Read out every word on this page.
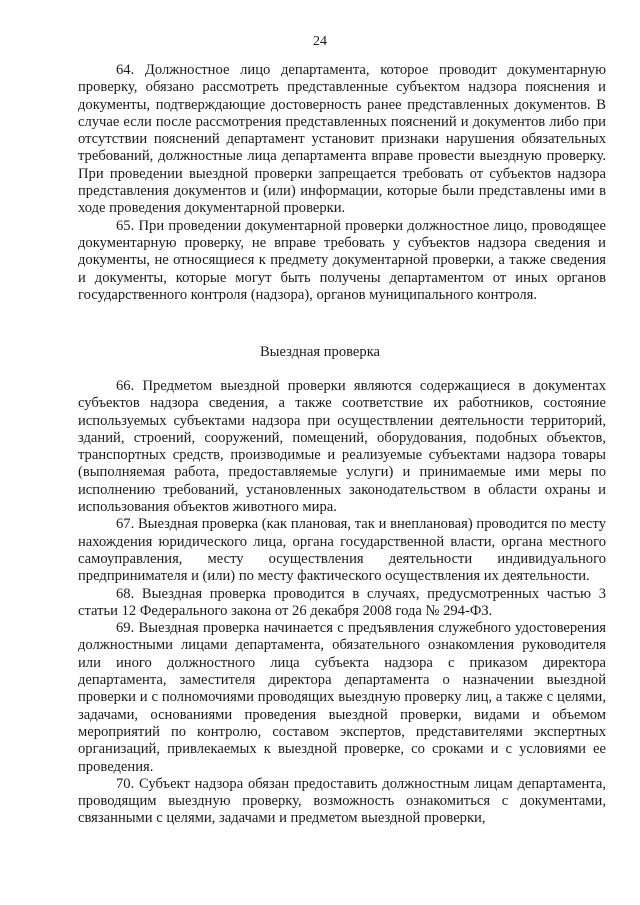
24

64. Должностное лицо департамента, которое проводит документарную проверку, обязано рассмотреть представленные субъектом надзора пояснения и документы, подтверждающие достоверность ранее представленных документов. В случае если после рассмотрения представленных пояснений и документов либо при отсутствии пояснений департамент установит признаки нарушения обязательных требований, должностные лица департамента вправе провести выездную проверку. При проведении выездной проверки запрещается требовать от субъектов надзора представления документов и (или) информации, которые были представлены ими в ходе проведения документарной проверки.

65. При проведении документарной проверки должностное лицо, проводящее документарную проверку, не вправе требовать у субъектов надзора сведения и документы, не относящиеся к предмету документарной проверки, а также сведения и документы, которые могут быть получены департаментом от иных органов государственного контроля (надзора), органов муниципального контроля.

Выездная проверка

66. Предметом выездной проверки являются содержащиеся в документах субъектов надзора сведения, а также соответствие их работников, состояние используемых субъектами надзора при осуществлении деятельности территорий, зданий, строений, сооружений, помещений, оборудования, подобных объектов, транспортных средств, производимые и реализуемые субъектами надзора товары (выполняемая работа, предоставляемые услуги) и принимаемые ими меры по исполнению требований, установленных законодательством в области охраны и использования объектов животного мира.

67. Выездная проверка (как плановая, так и внеплановая) проводится по месту нахождения юридического лица, органа государственной власти, органа местного самоуправления, месту осуществления деятельности индивидуального предпринимателя и (или) по месту фактического осуществления их деятельности.

68. Выездная проверка проводится в случаях, предусмотренных частью 3 статьи 12 Федерального закона от 26 декабря 2008 года № 294-ФЗ.

69. Выездная проверка начинается с предъявления служебного удостоверения должностными лицами департамента, обязательного ознакомления руководителя или иного должностного лица субъекта надзора с приказом директора департамента, заместителя директора департамента о назначении выездной проверки и с полномочиями проводящих выездную проверку лиц, а также с целями, задачами, основаниями проведения выездной проверки, видами и объемом мероприятий по контролю, составом экспертов, представителями экспертных организаций, привлекаемых к выездной проверке, со сроками и с условиями ее проведения.

70. Субъект надзора обязан предоставить должностным лицам департамента, проводящим выездную проверку, возможность ознакомиться с документами, связанными с целями, задачами и предметом выездной проверки,
